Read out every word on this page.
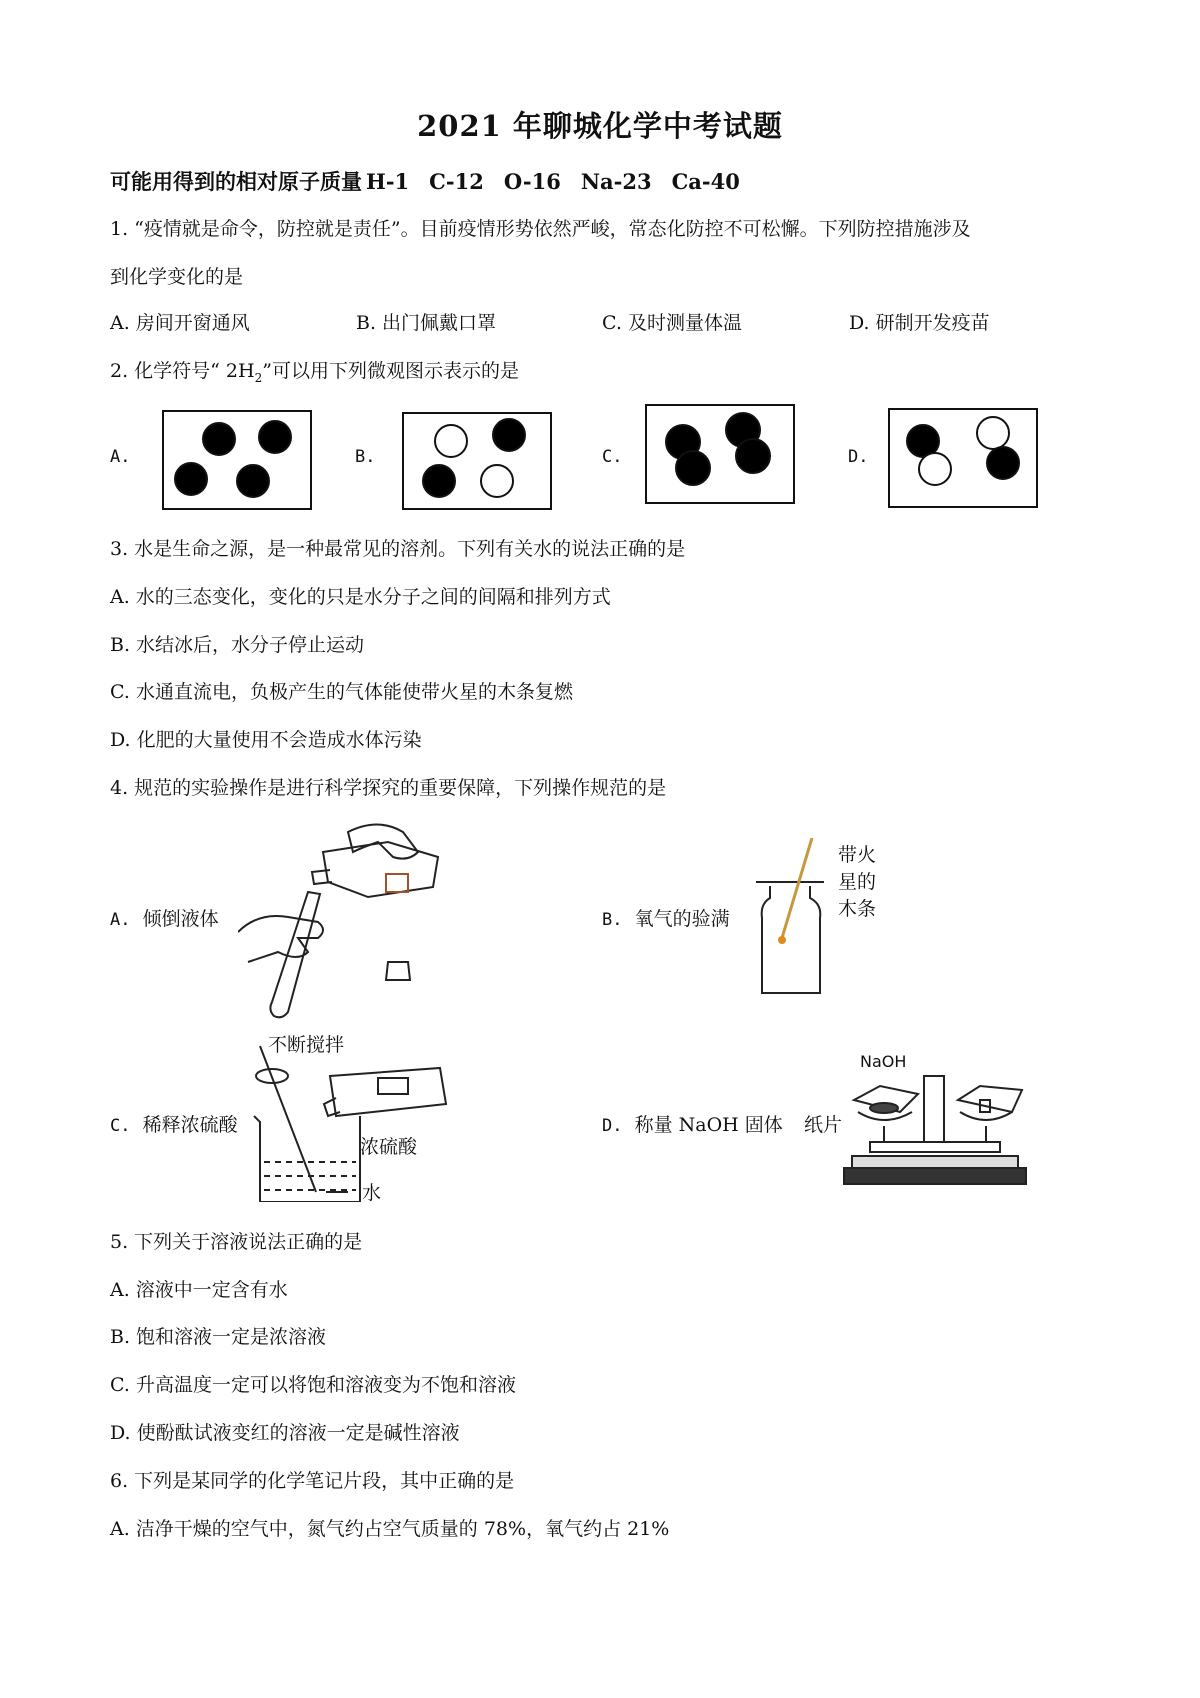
2021 年聊城化学中考试题
可能用得到的相对原子质量 H-1 C-12 O-16 Na-23 Ca-40
1. “疫情就是命令，防控就是责任”。目前疫情形势依然严峻，常态化防控不可松懈。下列防控措施涉及
到化学变化的是
A. 房间开窗通风	B. 出门佩戴口罩	C. 及时测量体温	D. 研制开发疫苗
2. 化学符号“ $2H_2$”可以用下列微观图示表示的是
A.	B.	C.	D.
3. 水是生命之源，是一种最常见的溶剂。下列有关水的说法正确的是
A. 水的三态变化，变化的只是水分子之间的间隔和排列方式
B. 水结冰后，水分子停止运动
C. 水通直流电，负极产生的气体能使带火星的木条复燃
D. 化肥的大量使用不会造成水体污染
4. 规范的实验操作是进行科学探究的重要保障，下列操作规范的是
A. 倾倒液体	B. 氧气的验满
带火星的木条
C. 稀释浓硫酸
不断搅拌
浓硫酸
水
D. 称量 NaOH 固体 纸片
NaOH
5. 下列关于溶液说法正确的是
A. 溶液中一定含有水
B. 饱和溶液一定是浓溶液
C. 升高温度一定可以将饱和溶液变为不饱和溶液
D. 使酚酞试液变红的溶液一定是碱性溶液
6. 下列是某同学的化学笔记片段，其中正确的是
A. 洁净干燥的空气中，氮气约占空气质量的 78%，氧气约占 21%
